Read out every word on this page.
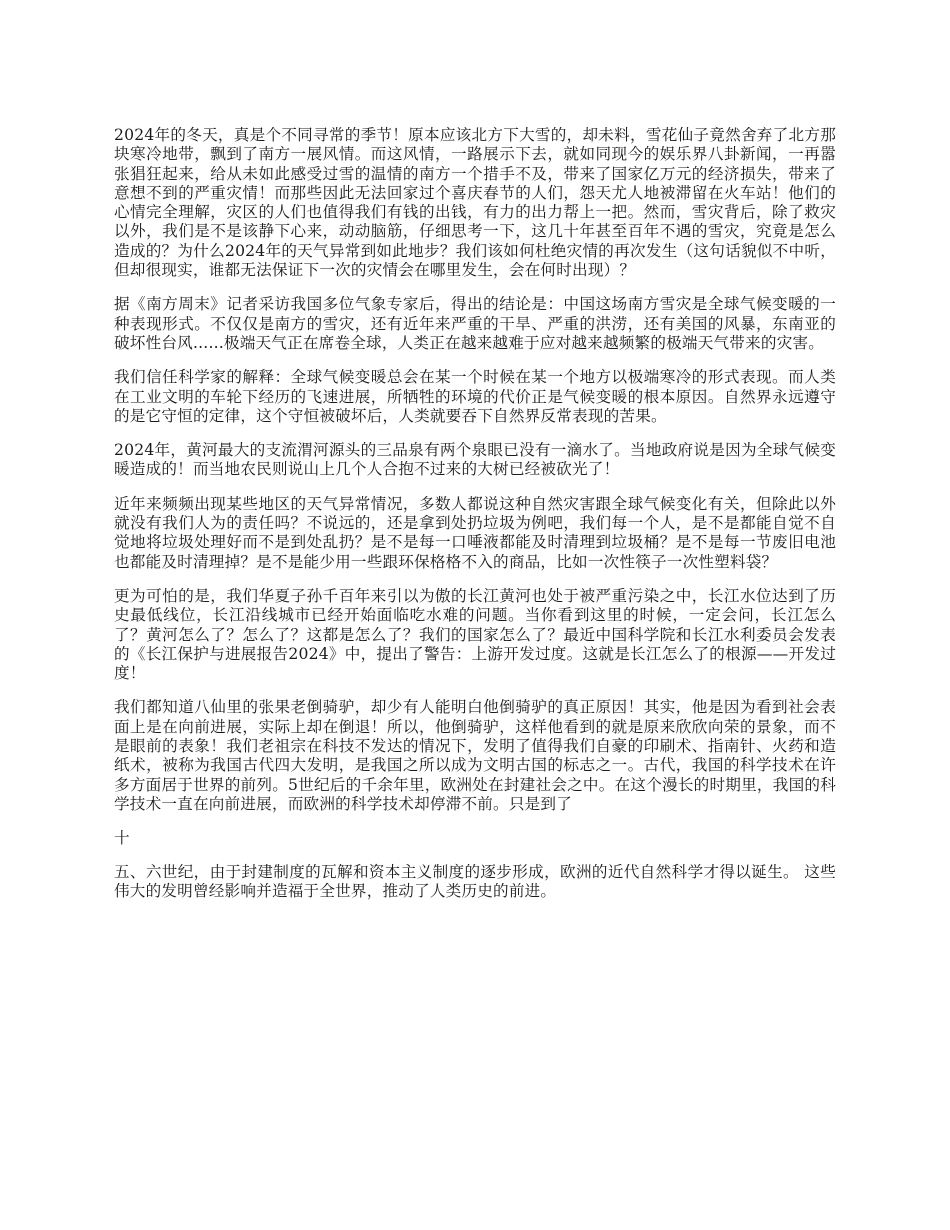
2024年的冬天，真是个不同寻常的季节！原本应该北方下大雪的，却未料，雪花仙子竟然舍弃了北方那块寒冷地带，飘到了南方一展风情。而这风情，一路展示下去，就如同现今的娱乐界八卦新闻，一再嚣张猖狂起来，给从未如此感受过雪的温情的南方一个措手不及，带来了国家亿万元的经济损失，带来了意想不到的严重灾情！而那些因此无法回家过个喜庆春节的人们，怨天尤人地被滞留在火车站！他们的心情完全理解，灾区的人们也值得我们有钱的出钱，有力的出力帮上一把。然而，雪灾背后，除了救灾以外，我们是不是该静下心来，动动脑筋，仔细思考一下，这几十年甚至百年不遇的雪灾，究竟是怎么造成的？为什么2024年的天气异常到如此地步？我们该如何杜绝灾情的再次发生（这句话貌似不中听，但却很现实，谁都无法保证下一次的灾情会在哪里发生，会在何时出现）？

据《南方周末》记者采访我国多位气象专家后，得出的结论是：中国这场南方雪灾是全球气候变暖的一种表现形式。不仅仅是南方的雪灾，还有近年来严重的干旱、严重的洪涝，还有美国的风暴，东南亚的破坏性台风......极端天气正在席卷全球，人类正在越来越难于应对越来越频繁的极端天气带来的灾害。

我们信任科学家的解释：全球气候变暖总会在某一个时候在某一个地方以极端寒冷的形式表现。而人类在工业文明的车轮下经历的飞速进展，所牺牲的环境的代价正是气候变暖的根本原因。自然界永远遵守的是它守恒的定律，这个守恒被破坏后，人类就要吞下自然界反常表现的苦果。

2024年，黄河最大的支流渭河源头的三品泉有两个泉眼已没有一滴水了。当地政府说是因为全球气候变暖造成的！而当地农民则说山上几个人合抱不过来的大树已经被砍光了！

近年来频频出现某些地区的天气异常情况，多数人都说这种自然灾害跟全球气候变化有关，但除此以外就没有我们人为的责任吗？不说远的，还是拿到处扔垃圾为例吧，我们每一个人，是不是都能自觉不自觉地将垃圾处理好而不是到处乱扔？是不是每一口唾液都能及时清理到垃圾桶？是不是每一节废旧电池也都能及时清理掉？是不是能少用一些跟环保格格不入的商品，比如一次性筷子一次性塑料袋？

更为可怕的是，我们华夏子孙千百年来引以为傲的长江黄河也处于被严重污染之中，长江水位达到了历史最低线位，长江沿线城市已经开始面临吃水难的问题。当你看到这里的时候，一定会问，长江怎么了？黄河怎么了？怎么了？这都是怎么了？我们的国家怎么了？最近中国科学院和长江水利委员会发表的《长江保护与进展报告2024》中，提出了警告：上游开发过度。这就是长江怎么了的根源——开发过度！

我们都知道八仙里的张果老倒骑驴，却少有人能明白他倒骑驴的真正原因！其实，他是因为看到社会表面上是在向前进展，实际上却在倒退！所以，他倒骑驴，这样他看到的就是原来欣欣向荣的景象，而不是眼前的表象！我们老祖宗在科技不发达的情况下，发明了值得我们自豪的印刷术、指南针、火药和造纸术，被称为我国古代四大发明，是我国之所以成为文明古国的标志之一。古代，我国的科学技术在许多方面居于世界的前列。5世纪后的千余年里，欧洲处在封建社会之中。在这个漫长的时期里，我国的科学技术一直在向前进展，而欧洲的科学技术却停滞不前。只是到了

十

五、六世纪，由于封建制度的瓦解和资本主义制度的逐步形成，欧洲的近代自然科学才得以诞生。 这些伟大的发明曾经影响并造福于全世界，推动了人类历史的前进。
